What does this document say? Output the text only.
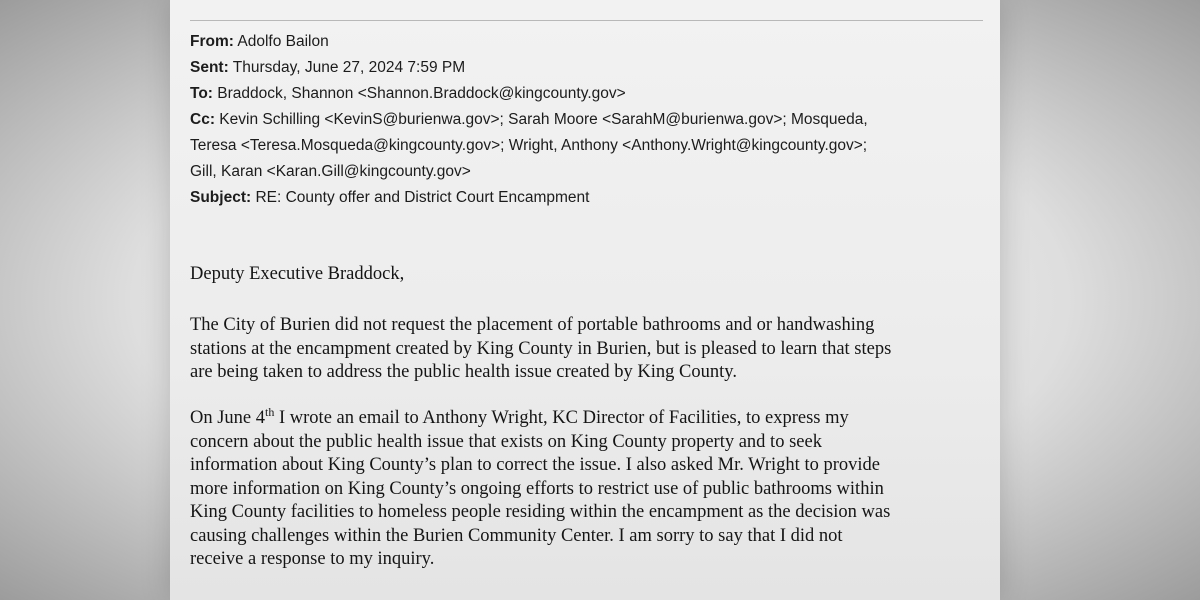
From: Adolfo Bailon

Sent: Thursday, June 27, 2024 7:59 PM

To: Braddock, Shannon <Shannon.Braddock@kingcounty.gov>

Cc: Kevin Schilling <KevinS@burienwa.gov>; Sarah Moore <SarahM@burienwa.gov>; Mosqueda,

Teresa <Teresa.Mosqueda@kingcounty.gov>; Wright, Anthony <Anthony.Wright@kingcounty.gov>;

Gill, Karan <Karan.Gill@kingcounty.gov>

Subject: RE: County offer and District Court Encampment

Deputy Executive Braddock,

The City of Burien did not request the placement of portable bathrooms and or handwashing
stations at the encampment created by King County in Burien, but is pleased to learn that steps
are being taken to address the public health issue created by King County.
On June 4th I wrote an email to Anthony Wright, KC Director of Facilities, to express my
concern about the public health issue that exists on King County property and to seek
information about King County’s plan to correct the issue. I also asked Mr. Wright to provide
more information on King County’s ongoing efforts to restrict use of public bathrooms within
King County facilities to homeless people residing within the encampment as the decision was
causing challenges within the Burien Community Center. I am sorry to say that I did not
receive a response to my inquiry.
